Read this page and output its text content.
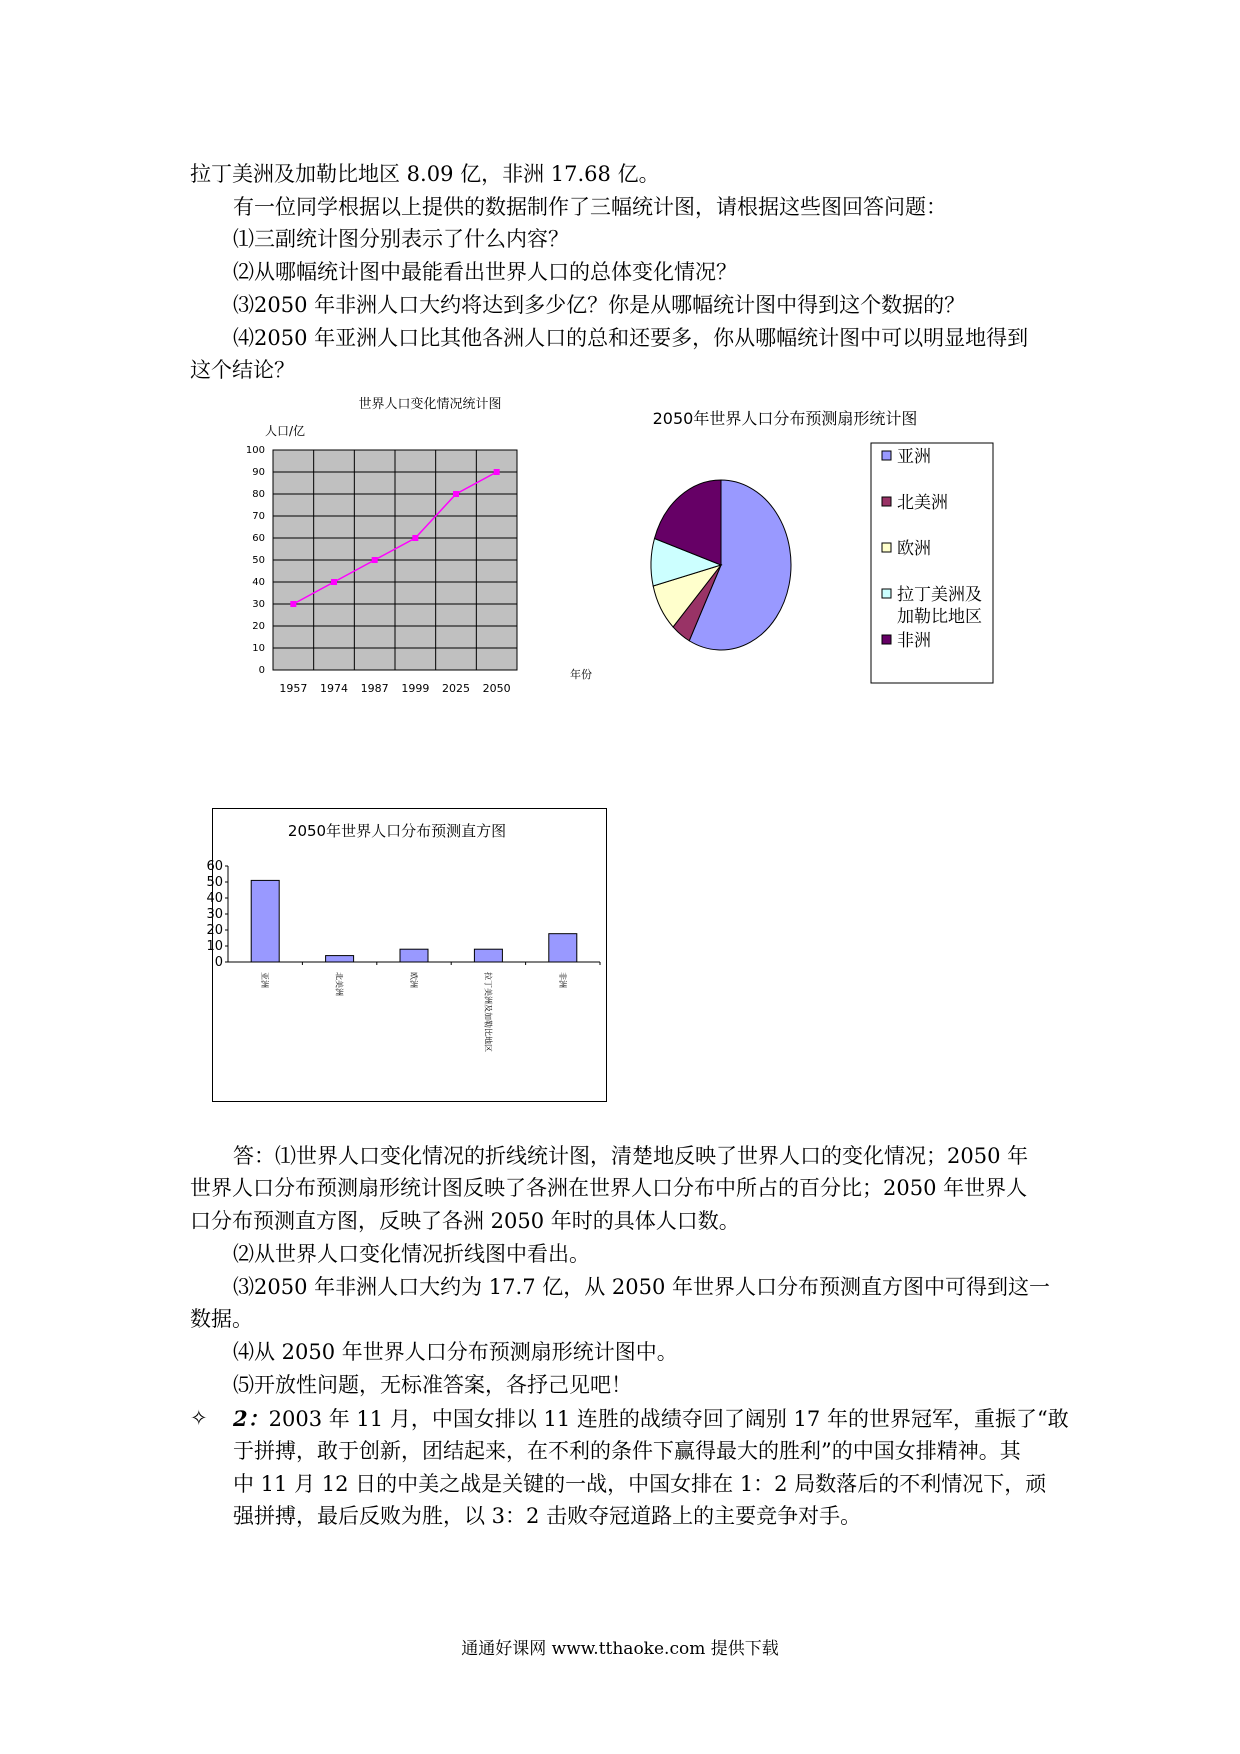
拉丁美洲及加勒比地区 8.09 亿，非洲 17.68 亿。
有一位同学根据以上提供的数据制作了三幅统计图，请根据这些图回答问题：
⑴三副统计图分别表示了什么内容？
⑵从哪幅统计图中最能看出世界人口的总体变化情况？
⑶2050 年非洲人口大约将达到多少亿？你是从哪幅统计图中得到这个数据的？
⑷2050 年亚洲人口比其他各洲人口的总和还要多，你从哪幅统计图中可以明显地得到
这个结论？
世界人口变化情况统计图
人口/亿
年份
0
10
20
30
40
50
60
70
80
90
100
1957 1974 1987 1999 2025 2050
2050年世界人口分布预测扇形统计图
亚洲
北美洲
欧洲
拉丁美洲及
加勒比地区
非洲
2050年世界人口分布预测直方图
0
10
20
30
40
50
60
亚洲	北美洲	欧洲	拉丁美洲及加勒比地区	非洲
答：⑴世界人口变化情况的折线统计图，清楚地反映了世界人口的变化情况；2050 年
世界人口分布预测扇形统计图反映了各洲在世界人口分布中所占的百分比；2050 年世界人
口分布预测直方图，反映了各洲 2050 年时的具体人口数。
⑵从世界人口变化情况折线图中看出。
⑶2050 年非洲人口大约为 17.7 亿，从 2050 年世界人口分布预测直方图中可得到这一
数据。
⑷从 2050 年世界人口分布预测扇形统计图中。
⑸开放性问题，无标准答案，各抒己见吧！
✧ 2：2003 年 11 月，中国女排以 11 连胜的战绩夺回了阔别 17 年的世界冠军，重振了“敢
于拼搏，敢于创新，团结起来，在不利的条件下赢得最大的胜利”的中国女排精神。其
中 11 月 12 日的中美之战是关键的一战，中国女排在 1：2 局数落后的不利情况下，顽
强拼搏，最后反败为胜，以 3：2 击败夺冠道路上的主要竞争对手。
通通好课网 www.tthaoke.com 提供下载
